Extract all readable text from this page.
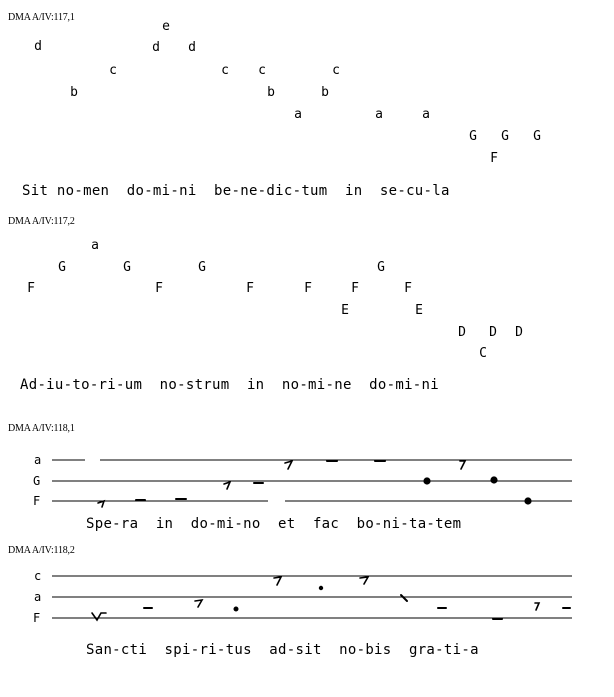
DMA A/IV:117,1
d
b
c
e
d d
c c
b
a
b
c
a	a
G
F
G G
Sit no-men  do-mi-ni  be-ne-dic-tum  in  se-cu-la
DMA A/IV:117,2
F
G
a
G
F
G
F	F
E
F
G
F
E
D
C
D D
Ad-iu-to-ri-um  no-strum  in  no-mi-ne  do-mi-ni
DMA A/IV:118,1
a
G
F
Spe-ra  in  do-mi-no  et  fac  bo-ni-ta-tem
DMA A/IV:118,2
c
a
F
San-cti  spi-ri-tus  ad-sit  no-bis  gra-ti-a
